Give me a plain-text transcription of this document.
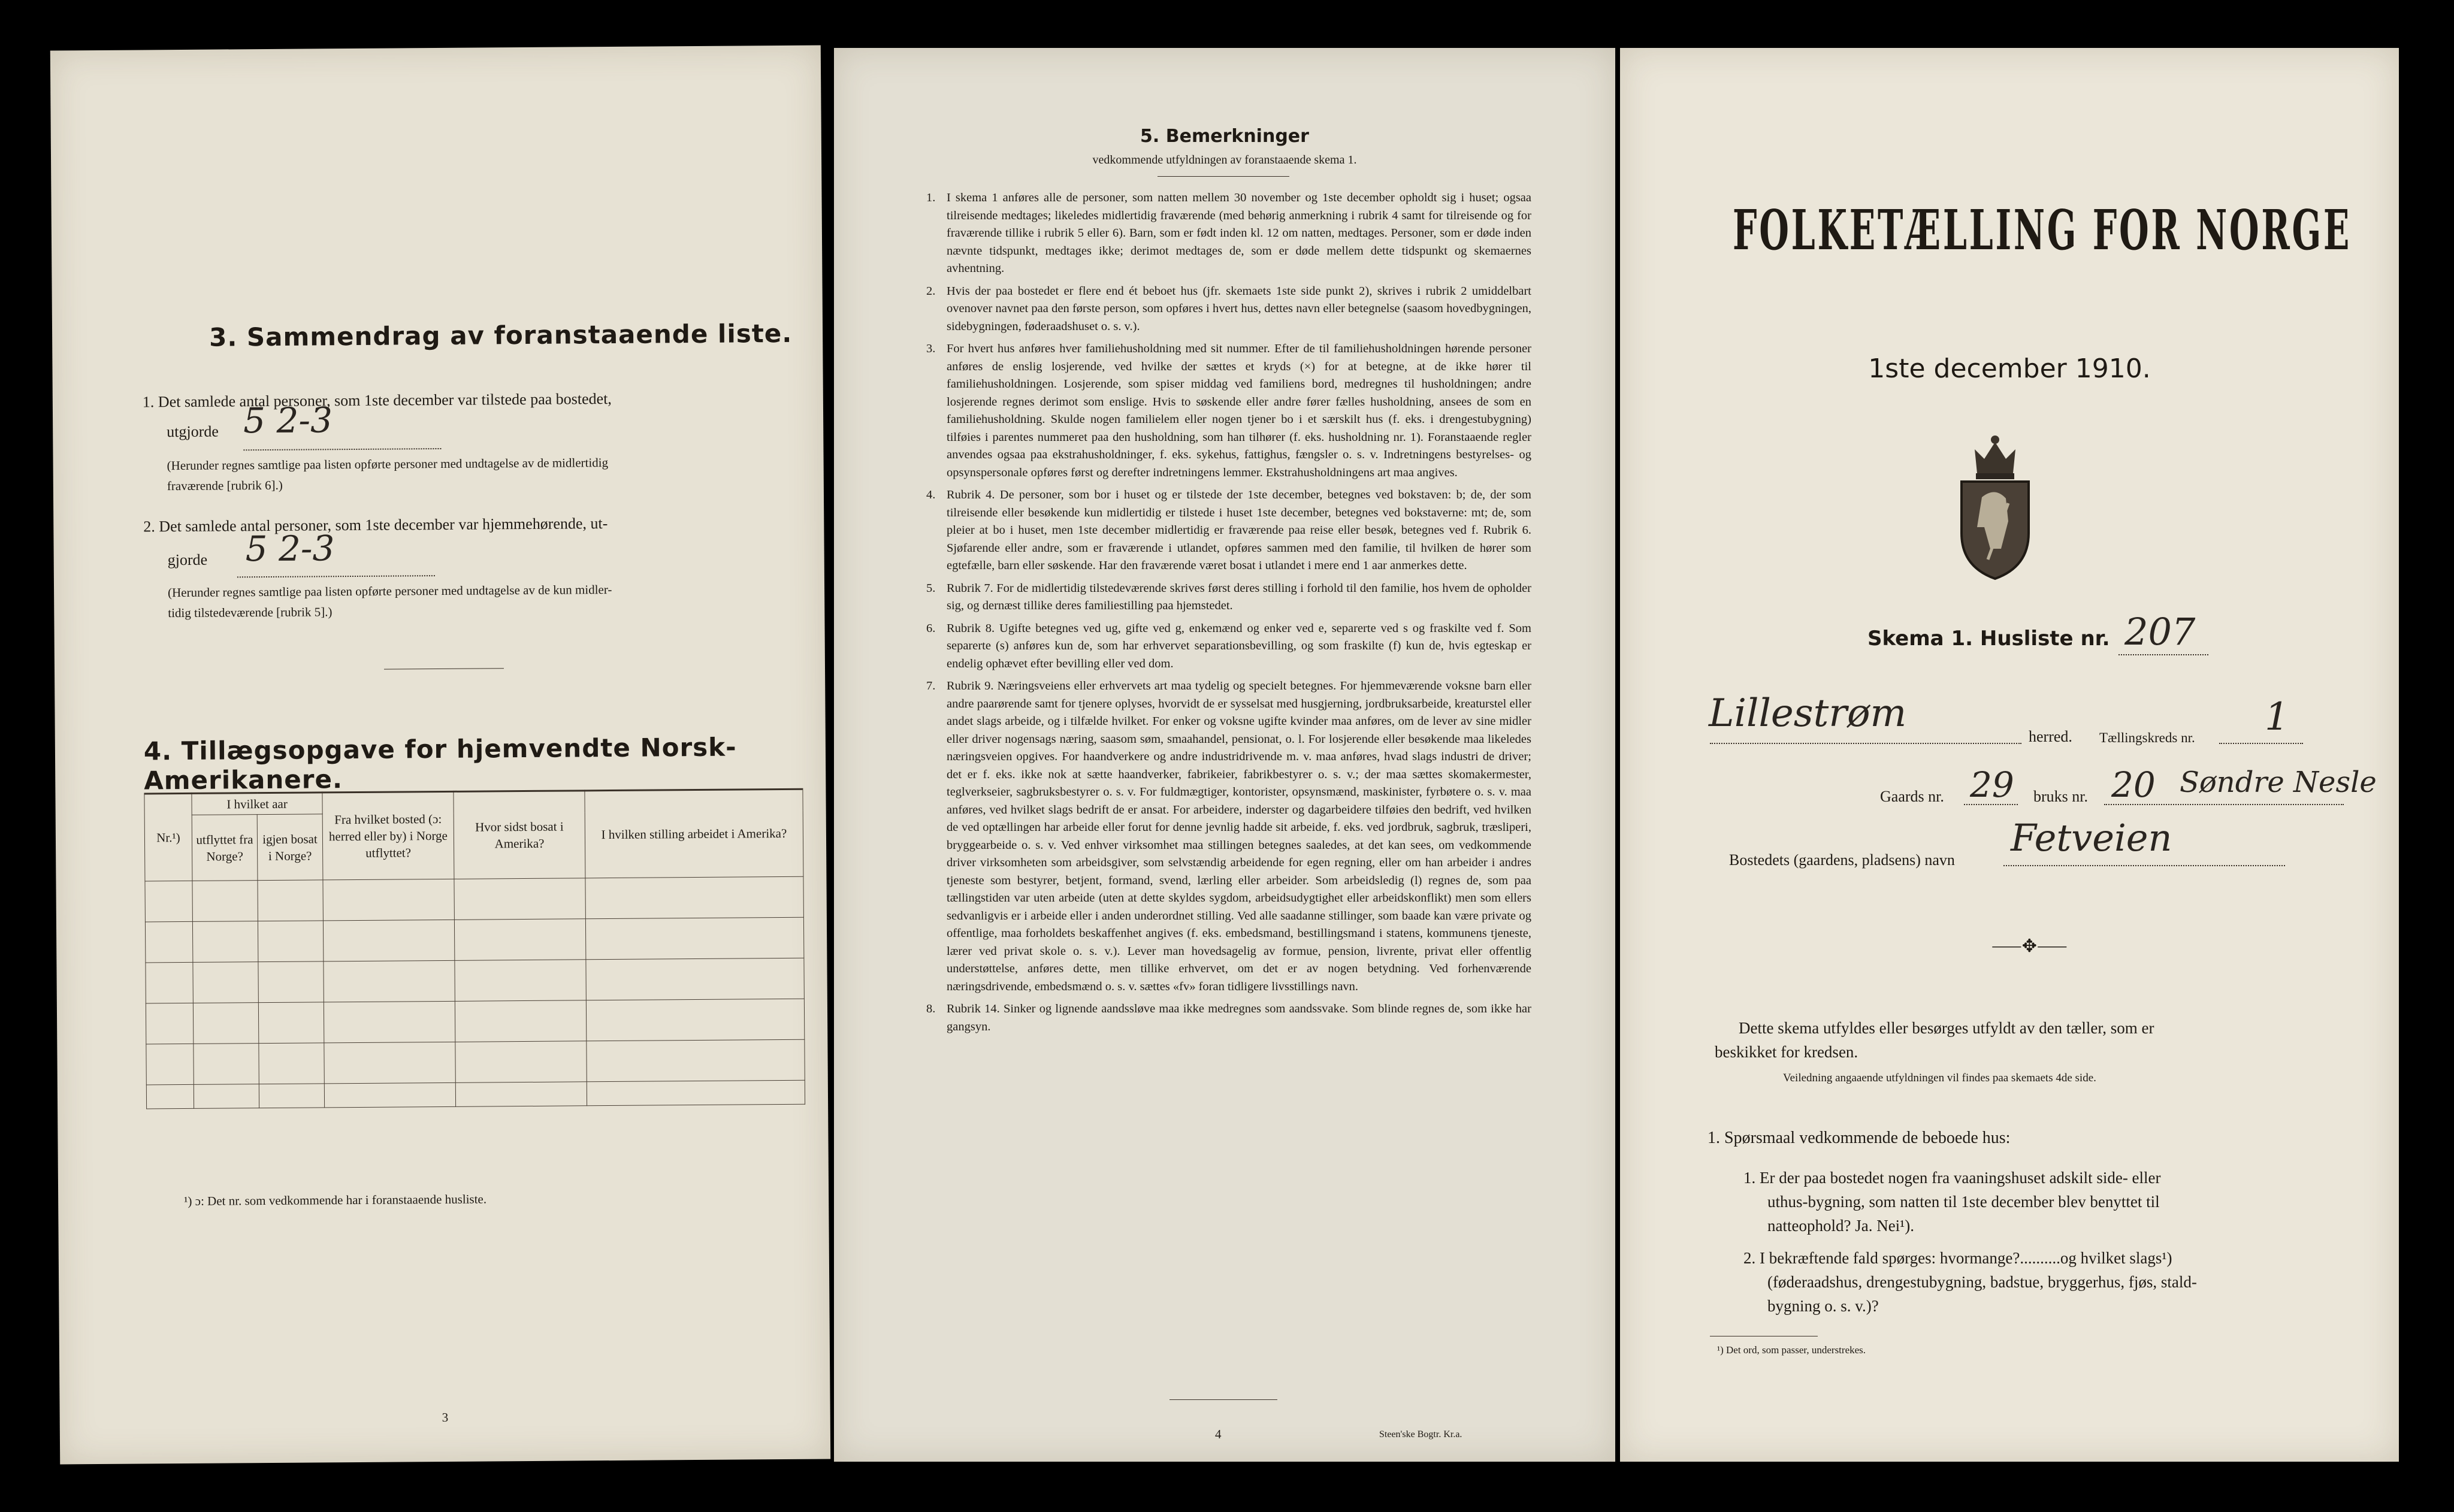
3. Sammendrag av foranstaaende liste.
1. Det samlede antal personer, som 1ste december var tilstede paa bostedet,
utgjorde 5 2-3
(Herunder regnes samtlige paa listen opførte personer med undtagelse av de midlertidig
fraværende [rubrik 6].)
2. Det samlede antal personer, som 1ste december var hjemmehørende, ut-
gjorde 5 2-3
(Herunder regnes samtlige paa listen opførte personer med undtagelse av de kun midler-
tidig tilstedeværende [rubrik 5].)
4. Tillægsopgave for hjemvendte Norsk-Amerikanere.
Nr.¹)	I hvilket aar		Fra hvilket bosted (ɔ: herred eller by) i Norge utflyttet?	Hvor sidst bosat i Amerika?	I hvilken stilling arbeidet i Amerika?
	utflyttet fra Norge?	igjen bosat i Norge?			

¹) ɔ: Det nr. som vedkommende har i foranstaaende husliste.
3
5. Bemerkninger
vedkommende utfyldningen av foranstaaende skema 1.
1. I skema 1 anføres alle de personer, som natten mellem 30 november og 1ste december opholdt sig i huset; ogsaa tilreisende medtages; likeledes midlertidig fraværende (med behørig anmerkning i rubrik 4 samt for tilreisende og for fraværende tillike i rubrik 5 eller 6). Barn, som er født inden kl. 12 om natten, medtages. Personer, som er døde inden nævnte tidspunkt, medtages ikke; derimot medtages de, som er døde mellem dette tidspunkt og skemaernes avhentning.
2. Hvis der paa bostedet er flere end ét beboet hus (jfr. skemaets 1ste side punkt 2), skrives i rubrik 2 umiddelbart ovenover navnet paa den første person, som opføres i hvert hus, dettes navn eller betegnelse (saasom hovedbygningen, sidebygningen, føderaadshuset o. s. v.).
3. For hvert hus anføres hver familiehusholdning med sit nummer. Efter de til familiehusholdningen hørende personer anføres de enslig losjerende, ved hvilke der sættes et kryds (×) for at betegne, at de ikke hører til familiehusholdningen. Losjerende, som spiser middag ved familiens bord, medregnes til husholdningen; andre losjerende regnes derimot som enslige. Hvis to søskende eller andre fører fælles husholdning, ansees de som en familiehusholdning. Skulde nogen familielem eller nogen tjener bo i et særskilt hus (f. eks. i drengestubygning) tilføies i parentes nummeret paa den husholdning, som han tilhører (f. eks. husholdning nr. 1). Foranstaaende regler anvendes ogsaa paa ekstrahusholdninger, f. eks. sykehus, fattighus, fængsler o. s. v. Indretningens bestyrelses- og opsynspersonale opføres først og derefter indretningens lemmer. Ekstrahusholdningens art maa angives.
4. Rubrik 4. De personer, som bor i huset og er tilstede der 1ste december, betegnes ved bokstaven: b; de, der som tilreisende eller besøkende kun midlertidig er tilstede i huset 1ste december, betegnes ved bokstaverne: mt; de, som pleier at bo i huset, men 1ste december midlertidig er fraværende paa reise eller besøk, betegnes ved f. Rubrik 6. Sjøfarende eller andre, som er fraværende i utlandet, opføres sammen med den familie, til hvilken de hører som egtefælle, barn eller søskende. Har den fraværende været bosat i utlandet i mere end 1 aar anmerkes dette.
5. Rubrik 7. For de midlertidig tilstedeværende skrives først deres stilling i forhold til den familie, hos hvem de opholder sig, og dernæst tillike deres familiestilling paa hjemstedet.
6. Rubrik 8. Ugifte betegnes ved ug, gifte ved g, enkemænd og enker ved e, separerte ved s og fraskilte ved f. Som separerte (s) anføres kun de, som har erhvervet separationsbevilling, og som fraskilte (f) kun de, hvis egteskap er endelig ophævet efter bevilling eller ved dom.
7. Rubrik 9. Næringsveiens eller erhvervets art maa tydelig og specielt betegnes. For hjemmeværende voksne barn eller andre paarørende samt for tjenere oplyses, hvorvidt de er sysselsat med husgjerning, jordbruksarbeide, kreaturstel eller andet slags arbeide, og i tilfælde hvilket. For enker og voksne ugifte kvinder maa anføres, om de lever av sine midler eller driver nogensags næring, saasom søm, smaahandel, pensionat, o. l. For losjerende eller besøkende maa likeledes næringsveien opgives. For haandverkere og andre industridrivende m. v. maa anføres, hvad slags industri de driver; det er f. eks. ikke nok at sætte haandverker, fabrikeier, fabrikbestyrer o. s. v.; der maa sættes skomakermester, teglverkseier, sagbruksbestyrer o. s. v. For fuldmægtiger, kontorister, opsynsmænd, maskinister, fyrbøtere o. s. v. maa anføres, ved hvilket slags bedrift de er ansat. For arbeidere, inderster og dagarbeidere tilføies den bedrift, ved hvilken de ved optællingen har arbeide eller forut for denne jevnlig hadde sit arbeide, f. eks. ved jordbruk, sagbruk, træsliperi, bryggearbeide o. s. v. Ved enhver virksomhet maa stillingen betegnes saaledes, at det kan sees, om vedkommende driver virksomheten som arbeidsgiver, som selvstændig arbeidende for egen regning, eller om han arbeider i andres tjeneste som bestyrer, betjent, formand, svend, lærling eller arbeider. Som arbeidsledig (l) regnes de, som paa tællingstiden var uten arbeide (uten at dette skyldes sygdom, arbeidsudygtighet eller arbeidskonflikt) men som ellers sedvanligvis er i arbeide eller i anden underordnet stilling. Ved alle saadanne stillinger, som baade kan være private og offentlige, maa forholdets beskaffenhet angives (f. eks. embedsmand, bestillingsmand i statens, kommunens tjeneste, lærer ved privat skole o. s. v.). Lever man hovedsagelig av formue, pension, livrente, privat eller offentlig understøttelse, anføres dette, men tillike erhvervet, om det er av nogen betydning. Ved forhenværende næringsdrivende, embedsmænd o. s. v. sættes «fv» foran tidligere livsstillings navn.
8. Rubrik 14. Sinker og lignende aandssløve maa ikke medregnes som aandssvake. Som blinde regnes de, som ikke har gangsyn.
4	Steen'ske Bogtr. Kr.a.
FOLKETÆLLING FOR NORGE
1ste december 1910.
Skema 1. Husliste nr. 207
Lillestrøm
herred. Tællingskreds nr. 1
Gaards nr. 29 bruks nr. 20 Søndre Nesle
Bostedets (gaardens, pladsens) navn
Fetveien
⸺✥⸺
Dette skema utfyldes eller besørges utfyldt av den tæller, som er
beskikket for kredsen.
Veiledning angaaende utfyldningen vil findes paa skemaets 4de side.
1. Spørsmaal vedkommende de beboede hus:
1. Er der paa bostedet nogen fra vaaningshuset adskilt side- eller
uthus-bygning, som natten til 1ste december blev benyttet til
natteophold? Ja. Nei¹).
2. I bekræftende fald spørges: hvormange?..........og hvilket slags¹)
(føderaadshus, drengestubygning, badstue, bryggerhus, fjøs, stald-
bygning o. s. v.)?
¹) Det ord, som passer, understrekes.
